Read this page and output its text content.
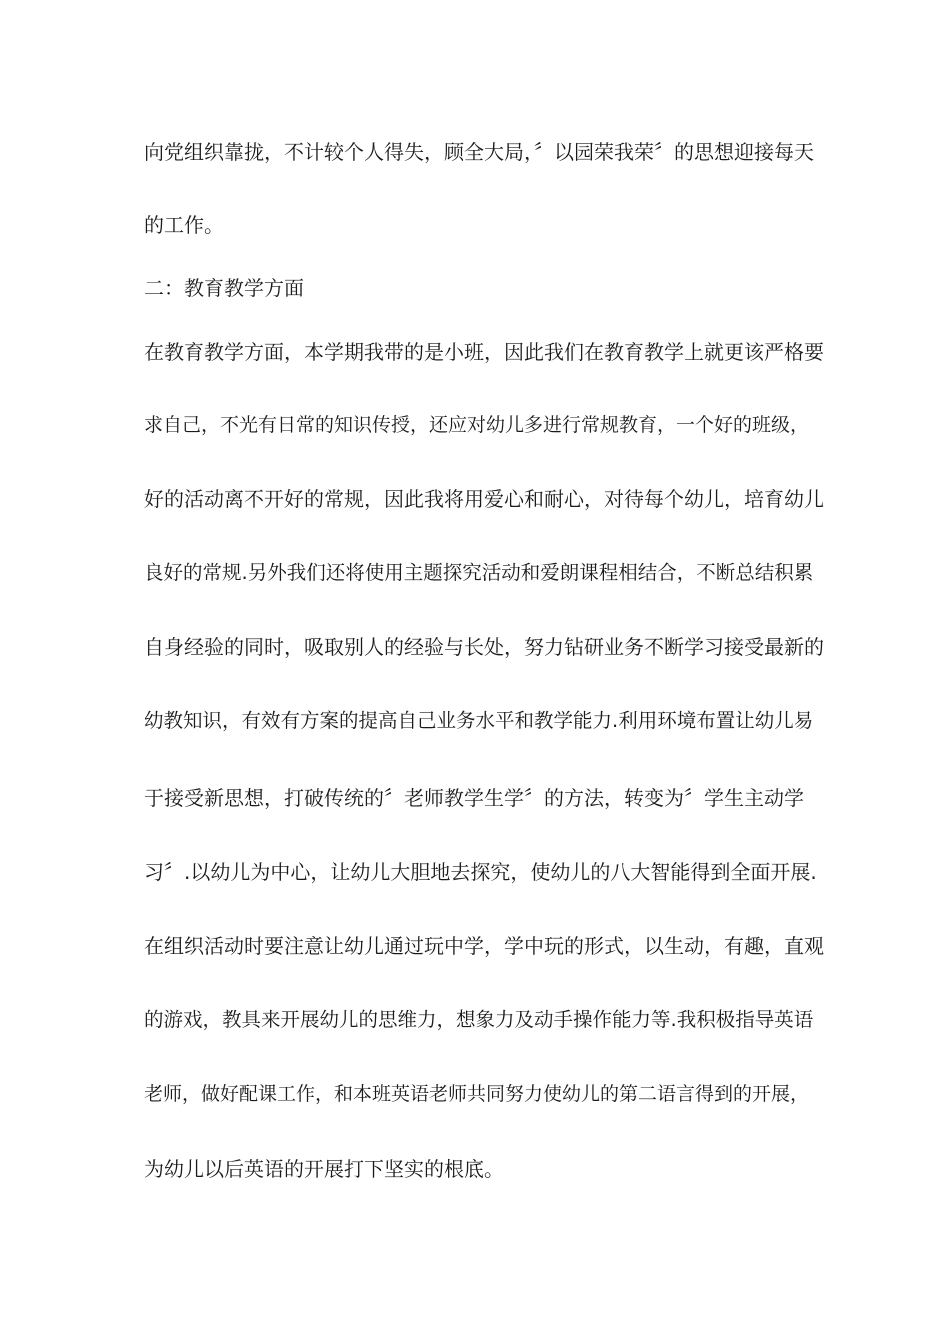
向党组织靠拢，不计较个人得失，顾全大局，〞以园荣我荣〞的思想迎接每天
的工作。
二：教育教学方面
在教育教学方面，本学期我带的是小班，因此我们在教育教学上就更该严格要
求自己，不光有日常的知识传授，还应对幼儿多进行常规教育，一个好的班级，
好的活动离不开好的常规，因此我将用爱心和耐心，对待每个幼儿，培育幼儿
良好的常规.另外我们还将使用主题探究活动和爱朗课程相结合，不断总结积累
自身经验的同时，吸取别人的经验与长处，努力钻研业务不断学习接受最新的
幼教知识，有效有方案的提高自己业务水平和教学能力.利用环境布置让幼儿易
于接受新思想，打破传统的〞老师教学生学〞的方法，转变为〞学生主动学
习〞.以幼儿为中心，让幼儿大胆地去探究，使幼儿的八大智能得到全面开展.
在组织活动时要注意让幼儿通过玩中学，学中玩的形式，以生动，有趣，直观
的游戏，教具来开展幼儿的思维力，想象力及动手操作能力等.我积极指导英语
老师，做好配课工作，和本班英语老师共同努力使幼儿的第二语言得到的开展，
为幼儿以后英语的开展打下坚实的根底。
